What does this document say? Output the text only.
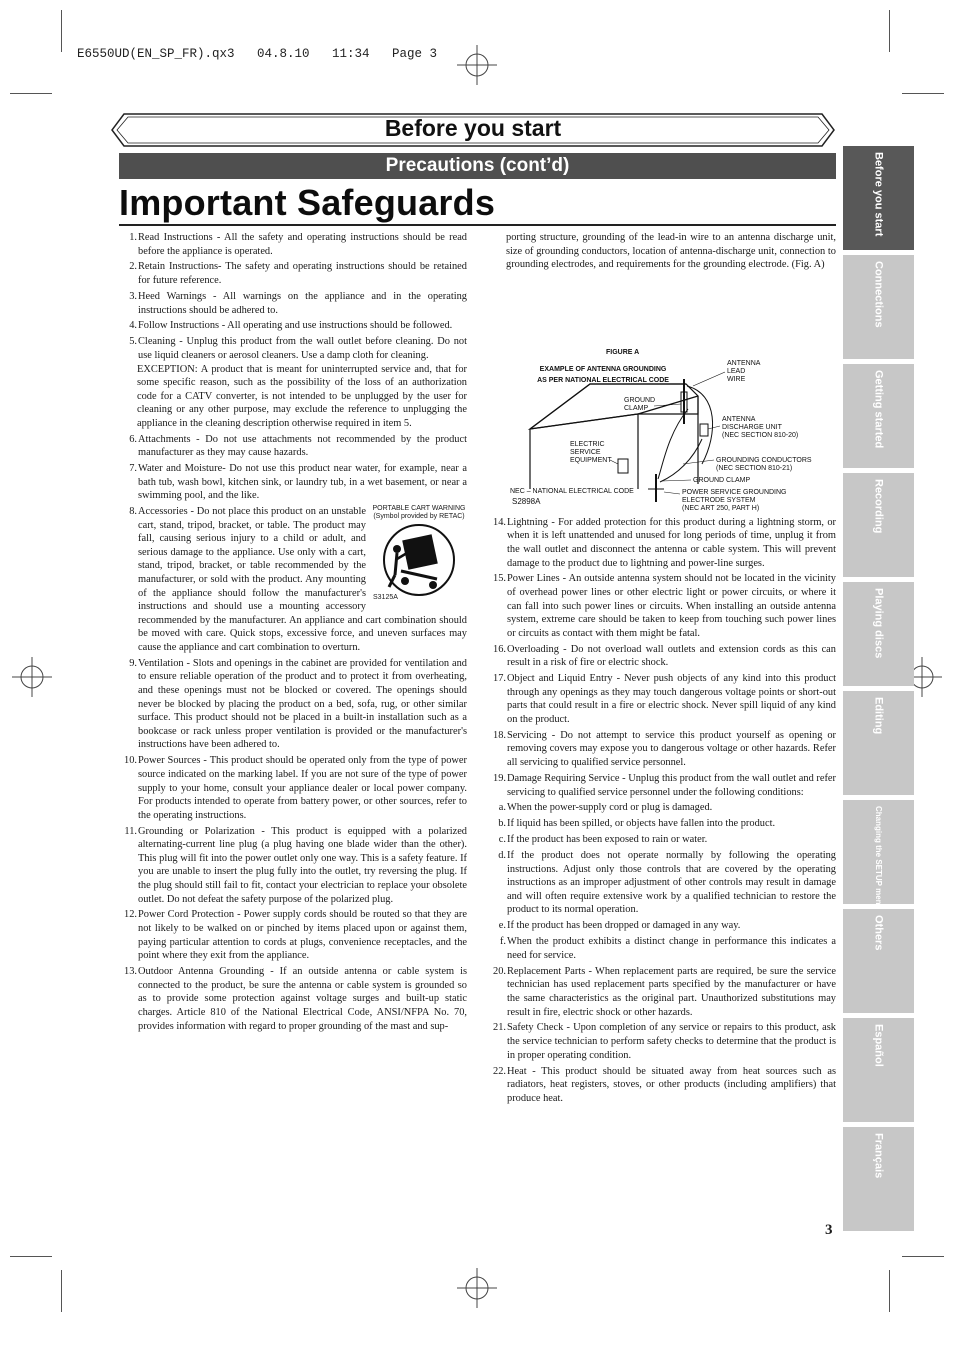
E6550UD(EN_SP_FR).qx3   04.8.10   11:34   Page 3
Before you start
Precautions (cont’d)
Important Safeguards
1. Read Instructions - All the safety and operating instructions should be read before the appliance is operated.
2. Retain Instructions- The safety and operating instructions should be retained for future reference.
3. Heed Warnings - All warnings on the appliance and in the operating instructions should be adhered to.
4. Follow Instructions - All operating and use instructions should be followed.
5. Cleaning - Unplug this product from the wall outlet before cleaning. Do not use liquid cleaners or aerosol cleaners. Use a damp cloth for cleaning.
EXCEPTION: A product that is meant for uninterrupted service and, that for some specific reason, such as the possibility of the loss of an authorization code for a CATV converter, is not intended to be unplugged by the user for cleaning or any other purpose, may exclude the reference to unplugging the appliance in the cleaning description otherwise required in item 5.
6. Attachments - Do not use attachments not recommended by the product manufacturer as they may cause hazards.
7. Water and Moisture- Do not use this product near water, for example, near a bath tub, wash bowl, kitchen sink, or laundry tub, in a wet basement, or near a swimming pool, and the like.
8.	PORTABLE CART WARNING
(Symbol provided by RETAC)
S3125A
Accessories - Do not place this product on an unstable cart, stand, tripod, bracket, or table. The product may fall, causing serious injury to a child or adult, and serious damage to the appliance. Use only with a cart, stand, tripod, bracket, or table recommended by the manufacturer, or sold with the product. Any mounting of the appliance should follow the manufacturer's instructions and should use a mounting accessory recommended by the manufacturer. An appliance and cart combination should be moved with care. Quick stops, excessive force, and uneven surfaces may cause the appliance and cart combination to overturn.
9. Ventilation - Slots and openings in the cabinet are provided for ventilation and to ensure reliable operation of the product and to protect it from overheating, and these openings must not be blocked or covered. The openings should never be blocked by placing the product on a bed, sofa, rug, or other similar surface. This product should not be placed in a built-in installation such as a bookcase or rack unless proper ventilation is provided or the manufacturer's instructions have been adhered to.
10. Power Sources - This product should be operated only from the type of power source indicated on the marking label. If you are not sure of the type of power supply to your home, consult your appliance dealer or local power company. For products intended to operate from battery power, or other sources, refer to the operating instructions.
11. Grounding or Polarization - This product is equipped with a polarized alternating-current line plug (a plug having one blade wider than the other). This plug will fit into the power outlet only one way. This is a safety feature. If you are unable to insert the plug fully into the outlet, try reversing the plug. If the plug should still fail to fit, contact your electrician to replace your obsolete outlet. Do not defeat the safety purpose of the polarized plug.
12. Power Cord Protection - Power supply cords should be routed so that they are not likely to be walked on or pinched by items placed upon or against them, paying particular attention to cords at plugs, convenience receptacles, and the point where they exit from the appliance.
13. Outdoor Antenna Grounding - If an outside antenna or cable system is connected to the product, be sure the antenna or cable system is grounded so as to provide some protection against voltage surges and built-up static charges. Article 810 of the National Electrical Code, ANSI/NFPA No. 70, provides information with regard to proper grounding of the mast and sup-
porting structure, grounding of the lead-in wire to an antenna discharge unit, size of grounding conductors, location of antenna-discharge unit, connection to grounding electrodes, and requirements for the grounding electrode. (Fig. A)
FIGURE A
EXAMPLE OF ANTENNA GROUNDING
AS PER NATIONAL ELECTRICAL CODE
ANTENNA
LEAD
WIRE
GROUND
CLAMP
ANTENNA
DISCHARGE UNIT
(NEC SECTION 810-20)
ELECTRIC
SERVICE
EQUIPMENT	GROUNDING CONDUCTORS
(NEC SECTION 810-21)
GROUND CLAMP
NEC – NATIONAL ELECTRICAL CODE
S2898A
POWER SERVICE GROUNDING
ELECTRODE SYSTEM
(NEC ART 250, PART H)
14. Lightning - For added protection for this product during a lightning storm, or when it is left unattended and unused for long periods of time, unplug it from the wall outlet and disconnect the antenna or cable system. This will prevent damage to the product due to lightning and power-line surges.
15. Power Lines - An outside antenna system should not be located in the vicinity of overhead power lines or other electric light or power circuits, or where it can fall into such power lines or circuits. When installing an outside antenna system, extreme care should be taken to keep from touching such power lines or circuits as contact with them might be fatal.
16. Overloading - Do not overload wall outlets and extension cords as this can result in a risk of fire or electric shock.
17. Object and Liquid Entry - Never push objects of any kind into this product through any openings as they may touch dangerous voltage points or short-out parts that could result in a fire or electric shock. Never spill liquid of any kind on the product.
18. Servicing - Do not attempt to service this product yourself as opening or removing covers may expose you to dangerous voltage or other hazards. Refer all servicing to qualified service personnel.
19. Damage Requiring Service - Unplug this product from the wall outlet and refer servicing to qualified service personnel under the following conditions:
a. When the power-supply cord or plug is damaged.
b. If liquid has been spilled, or objects have fallen into the product.
c. If the product has been exposed to rain or water.
d. If the product does not operate normally by following the operating instructions. Adjust only those controls that are covered by the operating instructions as an improper adjustment of other controls may result in damage and will often require extensive work by a qualified technician to restore the product to its normal operation.
e. If the product has been dropped or damaged in any way.
f. When the product exhibits a distinct change in performance this indicates a need for service.
20. Replacement Parts - When replacement parts are required, be sure the service technician has used replacement parts specified by the manufacturer or have the same characteristics as the original part. Unauthorized substitutions may result in fire, electric shock or other hazards.
21. Safety Check - Upon completion of any service or repairs to this product, ask the service technician to perform safety checks to determine that the product is in proper operating condition.
22. Heat - This product should be situated away from heat sources such as radiators, heat registers, stoves, or other products (including amplifiers) that produce heat.
Before you start
Connections
Getting started
Recording
Playing discs
Editing
Changing the SETUP menu
Others
Español
Français
3
